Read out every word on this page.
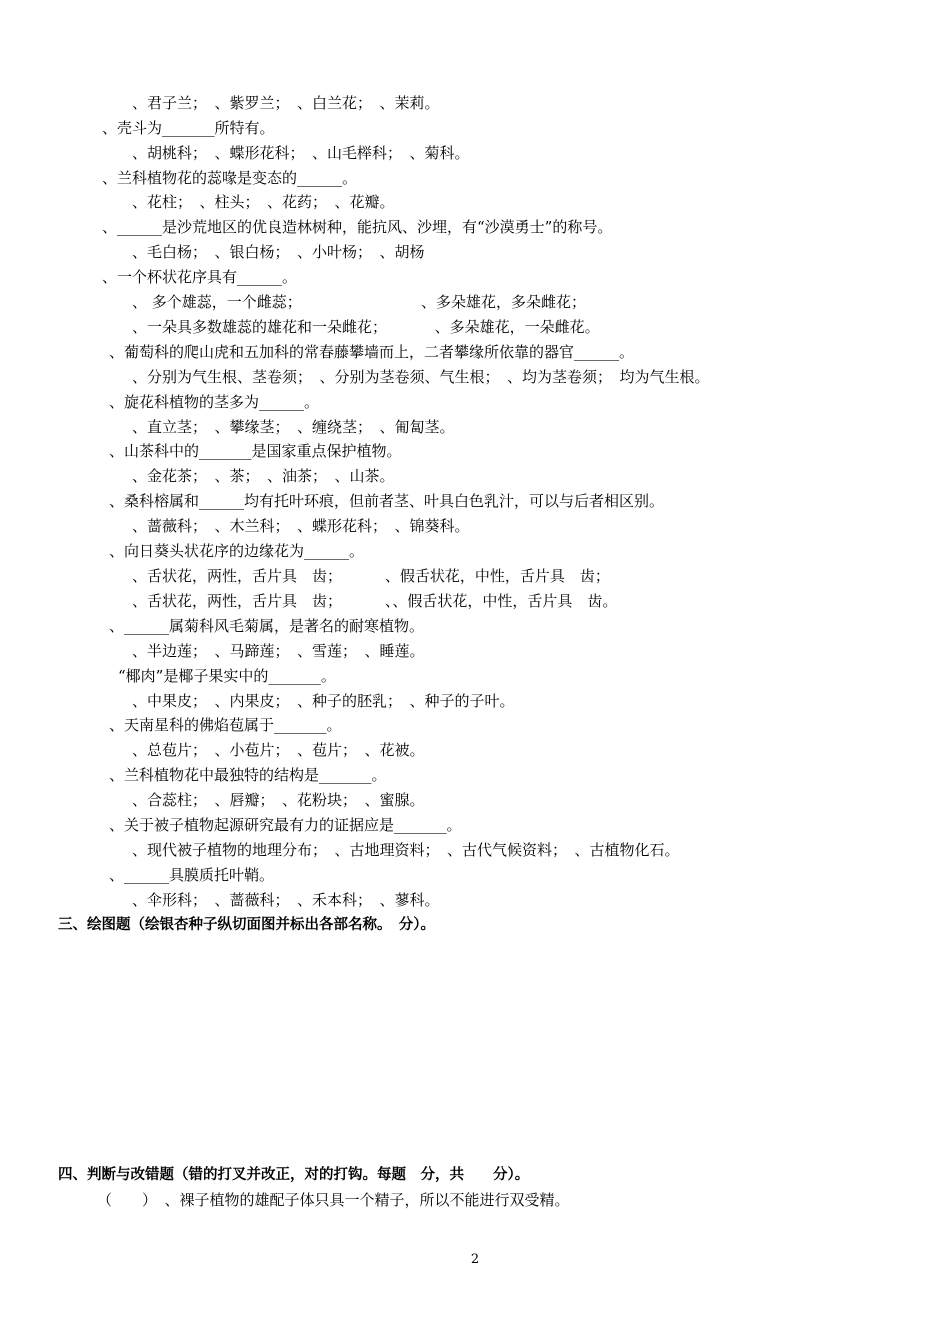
、君子兰；　、紫罗兰；　、白兰花；　、茉莉。
、壳斗为_______所特有。
、胡桃科；　、蝶形花科；　、山毛榉科；　、菊科。
、兰科植物花的蕊喙是变态的______。
、花柱；　、柱头；　、花药；　、花瓣。
、______是沙荒地区的优良造林树种，能抗风、沙埋，有“沙漠勇士”的称号。
、毛白杨；　、银白杨；　、小叶杨；　、胡杨
、一个杯状花序具有______。
、 多个雄蕊，一个雌蕊；                         、多朵雄花，多朵雌花；
、一朵具多数雄蕊的雄花和一朵雌花；          、多朵雄花，一朵雌花。
、葡萄科的爬山虎和五加科的常春藤攀墙而上，二者攀缘所依靠的器官______。
、分别为气生根、茎卷须；　、分别为茎卷须、气生根；　、均为茎卷须；　均为气生根。
、旋花科植物的茎多为______。
、直立茎；　、攀缘茎；　、缠绕茎；　、匍匐茎。
、山茶科中的_______是国家重点保护植物。
、金花茶；　、茶；　、油茶；　、山茶。
、桑科榕属和______均有托叶环痕，但前者茎、叶具白色乳汁，可以与后者相区别。
、蔷薇科；　、木兰科；　、蝶形花科；　、锦葵科。
、向日葵头状花序的边缘花为______。
、舌状花，两性，舌片具　齿；         、假舌状花，中性，舌片具　齿；
、舌状花，两性，舌片具　齿；         、、假舌状花，中性，舌片具　齿。
、______属菊科风毛菊属，是著名的耐寒植物。
、半边莲；　、马蹄莲；　、雪莲；　、睡莲。
“椰肉”是椰子果实中的_______。
、中果皮；　、内果皮；　、种子的胚乳；　、种子的子叶。
、天南星科的佛焰苞属于_______。
、总苞片；　、小苞片；　、苞片；　、花被。
、兰科植物花中最独特的结构是_______。
、合蕊柱；　、唇瓣；　、花粉块；　、蜜腺。
、关于被子植物起源研究最有力的证据应是_______。
、现代被子植物的地理分布；　、古地理资料；　、古代气候资料；　、古植物化石。
、______具膜质托叶鞘。
、伞形科；　、蔷薇科；　、禾本科；　、蓼科。
三、绘图题（绘银杏种子纵切面图并标出各部名称。　分）。
四、判断与改错题（错的打叉并改正，对的打钩。每题　分，共　　分）。
（　　）　、裸子植物的雄配子体只具一个精子，所以不能进行双受精。
2
